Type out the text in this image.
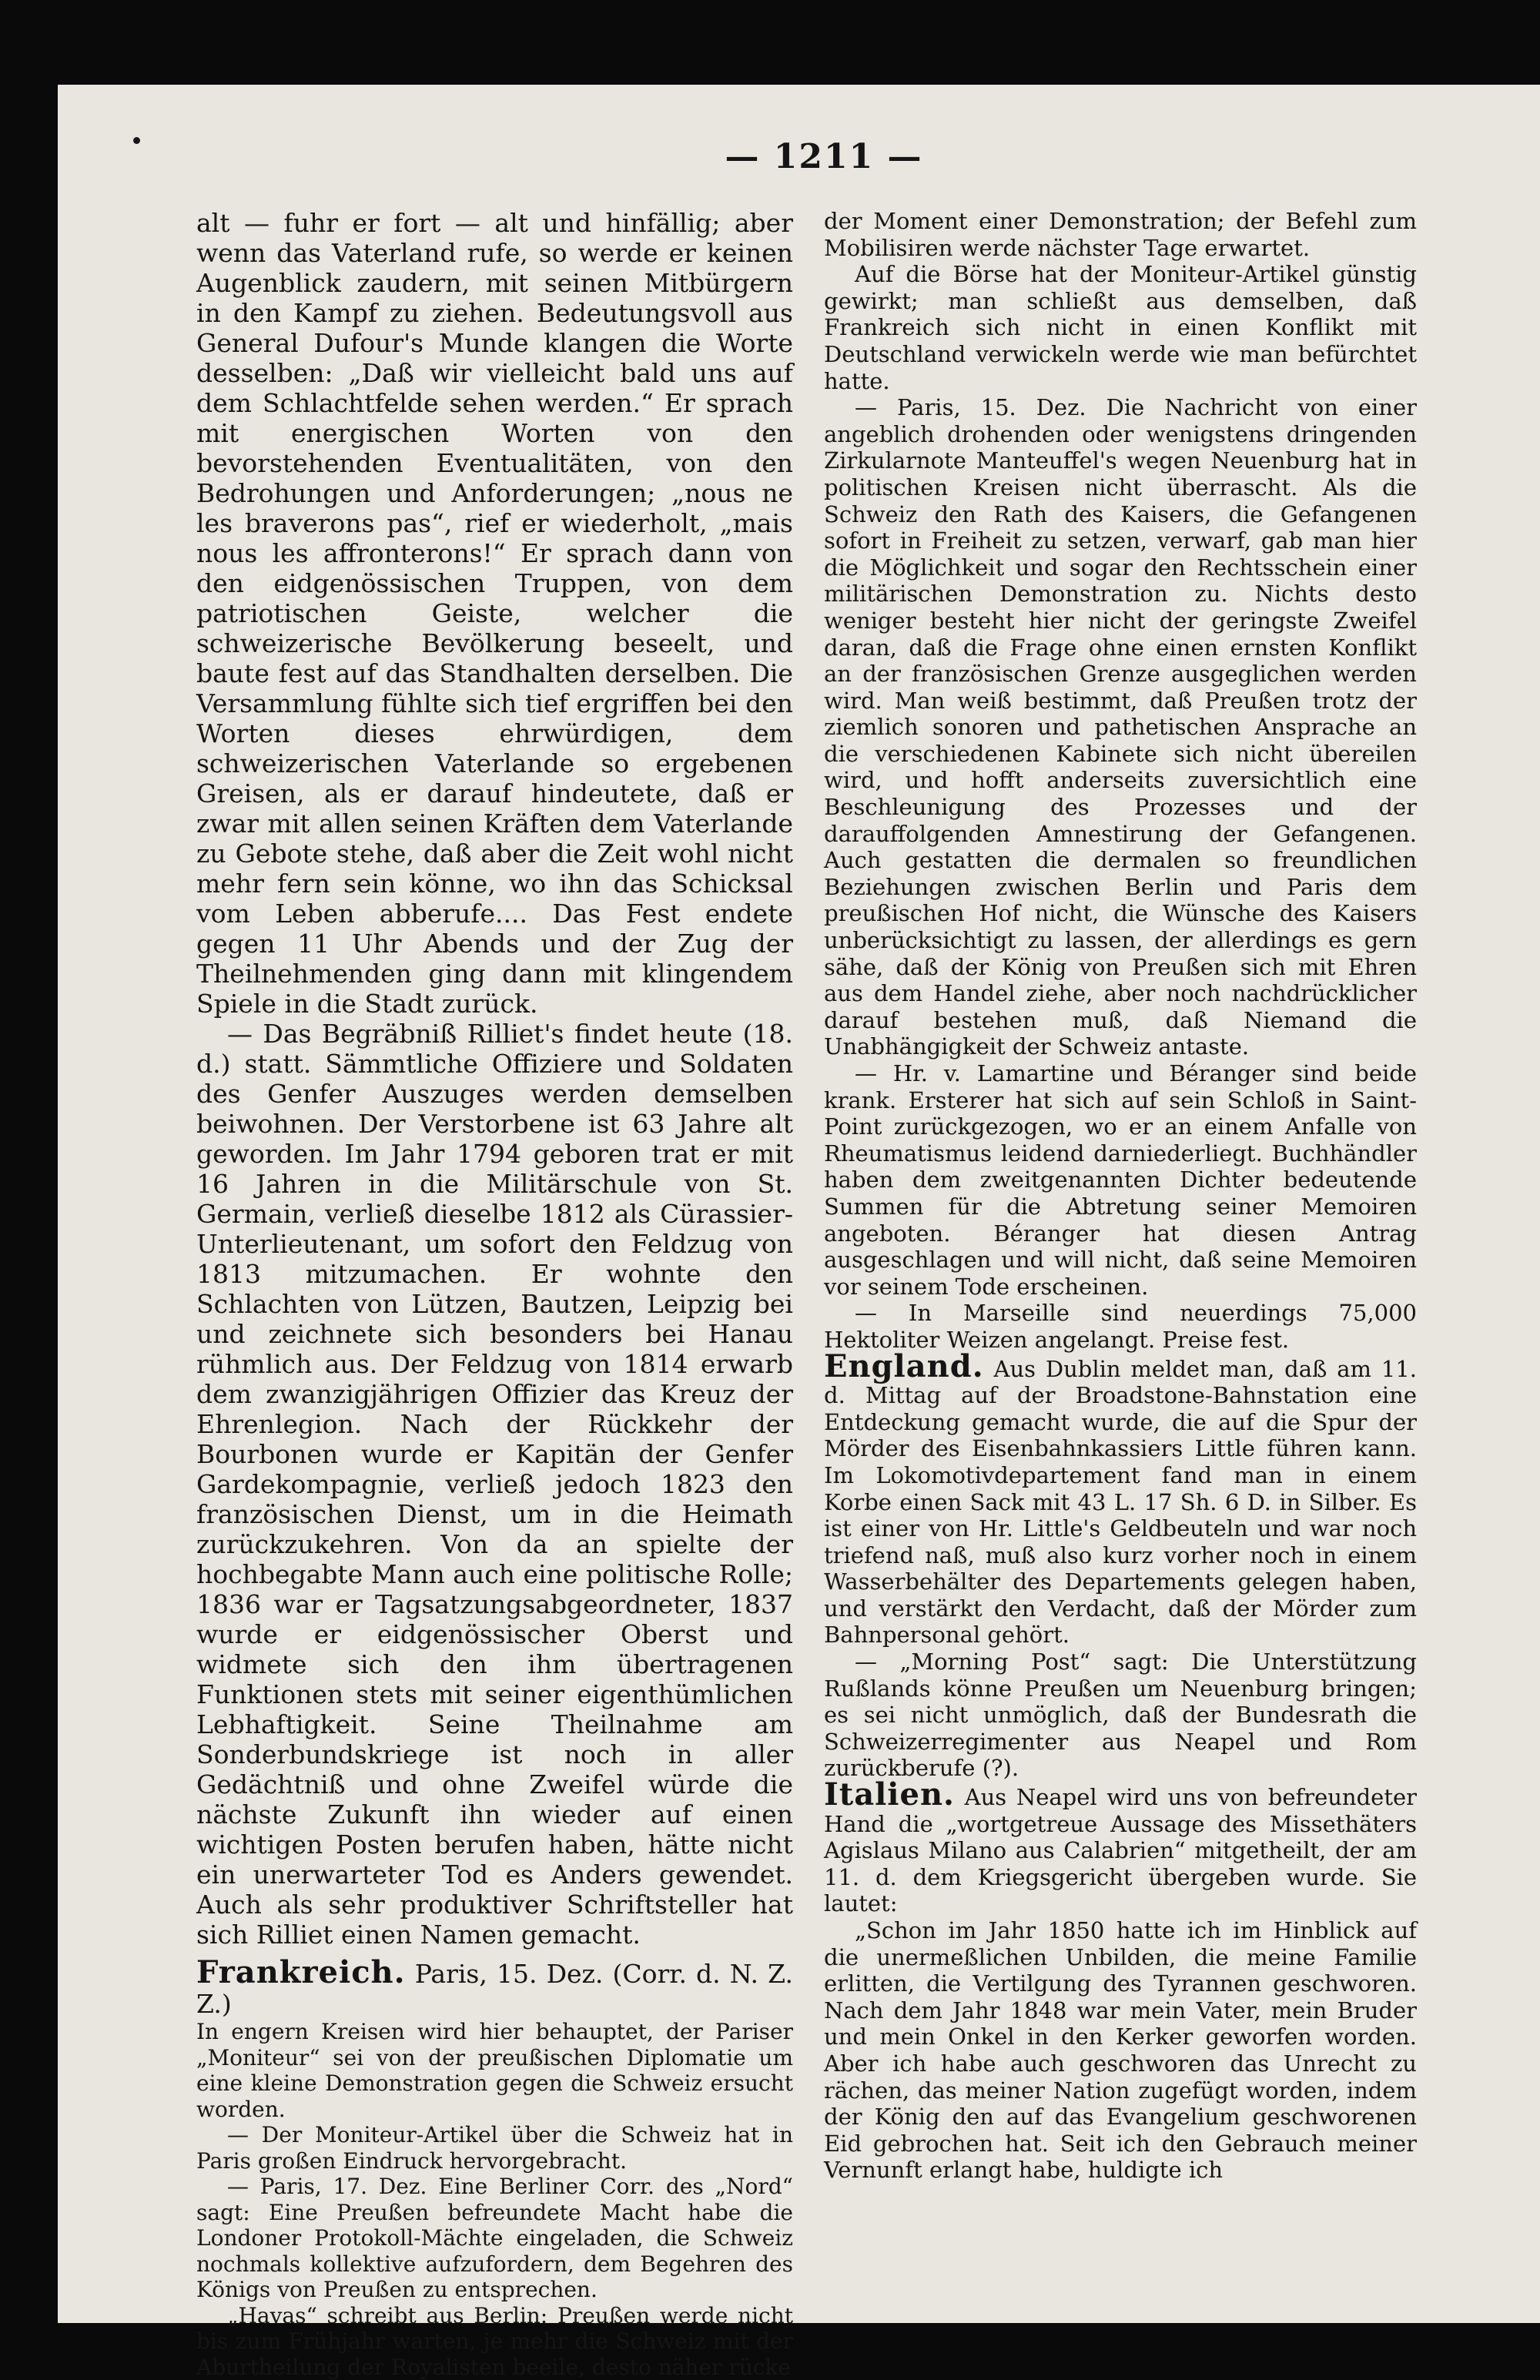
— 1211 —

alt — fuhr er fort — alt und hinfällig; aber wenn das Vaterland rufe, so werde er keinen Augenblick zaudern, mit seinen Mitbürgern in den Kampf zu ziehen. Bedeutungsvoll aus General Dufour's Munde klangen die Worte desselben: „Daß wir vielleicht bald uns auf dem Schlachtfelde sehen werden.“ Er sprach mit energischen Worten von den bevorstehenden Eventualitäten, von den Bedrohungen und Anforderungen; „nous ne les braverons pas“, rief er wiederholt, „mais nous les affronterons!“ Er sprach dann von den eidgenössischen Truppen, von dem patriotischen Geiste, welcher die schweizerische Bevölkerung beseelt, und baute fest auf das Standhalten derselben. Die Versammlung fühlte sich tief ergriffen bei den Worten dieses ehrwürdigen, dem schweizerischen Vaterlande so ergebenen Greisen, als er darauf hindeutete, daß er zwar mit allen seinen Kräften dem Vaterlande zu Gebote stehe, daß aber die Zeit wohl nicht mehr fern sein könne, wo ihn das Schicksal vom Leben abberufe.... Das Fest endete gegen 11 Uhr Abends und der Zug der Theilnehmenden ging dann mit klingendem Spiele in die Stadt zurück.

— Das Begräbniß Rilliet's findet heute (18. d.) statt. Sämmtliche Offiziere und Soldaten des Genfer Auszuges werden demselben beiwohnen. Der Verstorbene ist 63 Jahre alt geworden. Im Jahr 1794 geboren trat er mit 16 Jahren in die Militärschule von St. Germain, verließ dieselbe 1812 als Cürassier-Unterlieutenant, um sofort den Feldzug von 1813 mitzumachen. Er wohnte den Schlachten von Lützen, Bautzen, Leipzig bei und zeichnete sich besonders bei Hanau rühmlich aus. Der Feldzug von 1814 erwarb dem zwanzigjährigen Offizier das Kreuz der Ehrenlegion. Nach der Rückkehr der Bourbonen wurde er Kapitän der Genfer Gardekompagnie, verließ jedoch 1823 den französischen Dienst, um in die Heimath zurückzukehren. Von da an spielte der hochbegabte Mann auch eine politische Rolle; 1836 war er Tagsatzungsabgeordneter, 1837 wurde er eidgenössischer Oberst und widmete sich den ihm übertragenen Funktionen stets mit seiner eigenthümlichen Lebhaftigkeit. Seine Theilnahme am Sonderbundskriege ist noch in aller Gedächtniß und ohne Zweifel würde die nächste Zukunft ihn wieder auf einen wichtigen Posten berufen haben, hätte nicht ein unerwarteter Tod es Anders gewendet. Auch als sehr produktiver Schriftsteller hat sich Rilliet einen Namen gemacht.

Frankreich. Paris, 15. Dez. (Corr. d. N. Z. Z.)

In engern Kreisen wird hier behauptet, der Pariser „Moniteur“ sei von der preußischen Diplomatie um eine kleine Demonstration gegen die Schweiz ersucht worden.

— Der Moniteur-Artikel über die Schweiz hat in Paris großen Eindruck hervorgebracht.

— Paris, 17. Dez. Eine Berliner Corr. des „Nord“ sagt: Eine Preußen befreundete Macht habe die Londoner Protokoll-Mächte eingeladen, die Schweiz nochmals kollektive aufzufordern, dem Begehren des Königs von Preußen zu entsprechen.

„Havas“ schreibt aus Berlin: Preußen werde nicht bis zum Frühjahr warten, je mehr die Schweiz mit der Aburtheilung der Royalisten beeile, desto näher rücke

der Moment einer Demonstration; der Befehl zum Mobilisiren werde nächster Tage erwartet.

Auf die Börse hat der Moniteur-Artikel günstig gewirkt; man schließt aus demselben, daß Frankreich sich nicht in einen Konflikt mit Deutschland verwickeln werde wie man befürchtet hatte.

— Paris, 15. Dez. Die Nachricht von einer angeblich drohenden oder wenigstens dringenden Zirkularnote Manteuffel's wegen Neuenburg hat in politischen Kreisen nicht überrascht. Als die Schweiz den Rath des Kaisers, die Gefangenen sofort in Freiheit zu setzen, verwarf, gab man hier die Möglichkeit und sogar den Rechtsschein einer militärischen Demonstration zu. Nichts desto weniger besteht hier nicht der geringste Zweifel daran, daß die Frage ohne einen ernsten Konflikt an der französischen Grenze ausgeglichen werden wird. Man weiß bestimmt, daß Preußen trotz der ziemlich sonoren und pathetischen Ansprache an die verschiedenen Kabinete sich nicht übereilen wird, und hofft anderseits zuversichtlich eine Beschleunigung des Prozesses und der darauffolgenden Amnestirung der Gefangenen. Auch gestatten die dermalen so freundlichen Beziehungen zwischen Berlin und Paris dem preußischen Hof nicht, die Wünsche des Kaisers unberücksichtigt zu lassen, der allerdings es gern sähe, daß der König von Preußen sich mit Ehren aus dem Handel ziehe, aber noch nachdrücklicher darauf bestehen muß, daß Niemand die Unabhängigkeit der Schweiz antaste.

— Hr. v. Lamartine und Béranger sind beide krank. Ersterer hat sich auf sein Schloß in Saint-Point zurückgezogen, wo er an einem Anfalle von Rheumatismus leidend darniederliegt. Buchhändler haben dem zweitgenannten Dichter bedeutende Summen für die Abtretung seiner Memoiren angeboten. Béranger hat diesen Antrag ausgeschlagen und will nicht, daß seine Memoiren vor seinem Tode erscheinen.

— In Marseille sind neuerdings 75,000 Hektoliter Weizen angelangt. Preise fest.

England. Aus Dublin meldet man, daß am 11. d. Mittag auf der Broadstone-Bahnstation eine Entdeckung gemacht wurde, die auf die Spur der Mörder des Eisenbahnkassiers Little führen kann. Im Lokomotivdepartement fand man in einem Korbe einen Sack mit 43 L. 17 Sh. 6 D. in Silber. Es ist einer von Hr. Little's Geldbeuteln und war noch triefend naß, muß also kurz vorher noch in einem Wasserbehälter des Departements gelegen haben, und verstärkt den Verdacht, daß der Mörder zum Bahnpersonal gehört.

— „Morning Post“ sagt: Die Unterstützung Rußlands könne Preußen um Neuenburg bringen; es sei nicht unmöglich, daß der Bundesrath die Schweizerregimenter aus Neapel und Rom zurückberufe (?).

Italien. Aus Neapel wird uns von befreundeter Hand die „wortgetreue Aussage des Missethäters Agislaus Milano aus Calabrien“ mitgetheilt, der am 11. d. dem Kriegsgericht übergeben wurde. Sie lautet:

„Schon im Jahr 1850 hatte ich im Hinblick auf die unermeßlichen Unbilden, die meine Familie erlitten, die Vertilgung des Tyrannen geschworen. Nach dem Jahr 1848 war mein Vater, mein Bruder und mein Onkel in den Kerker geworfen worden. Aber ich habe auch geschworen das Unrecht zu rächen, das meiner Nation zugefügt worden, indem der König den auf das Evangelium geschworenen Eid gebrochen hat. Seit ich den Gebrauch meiner Vernunft erlangt habe, huldigte ich
